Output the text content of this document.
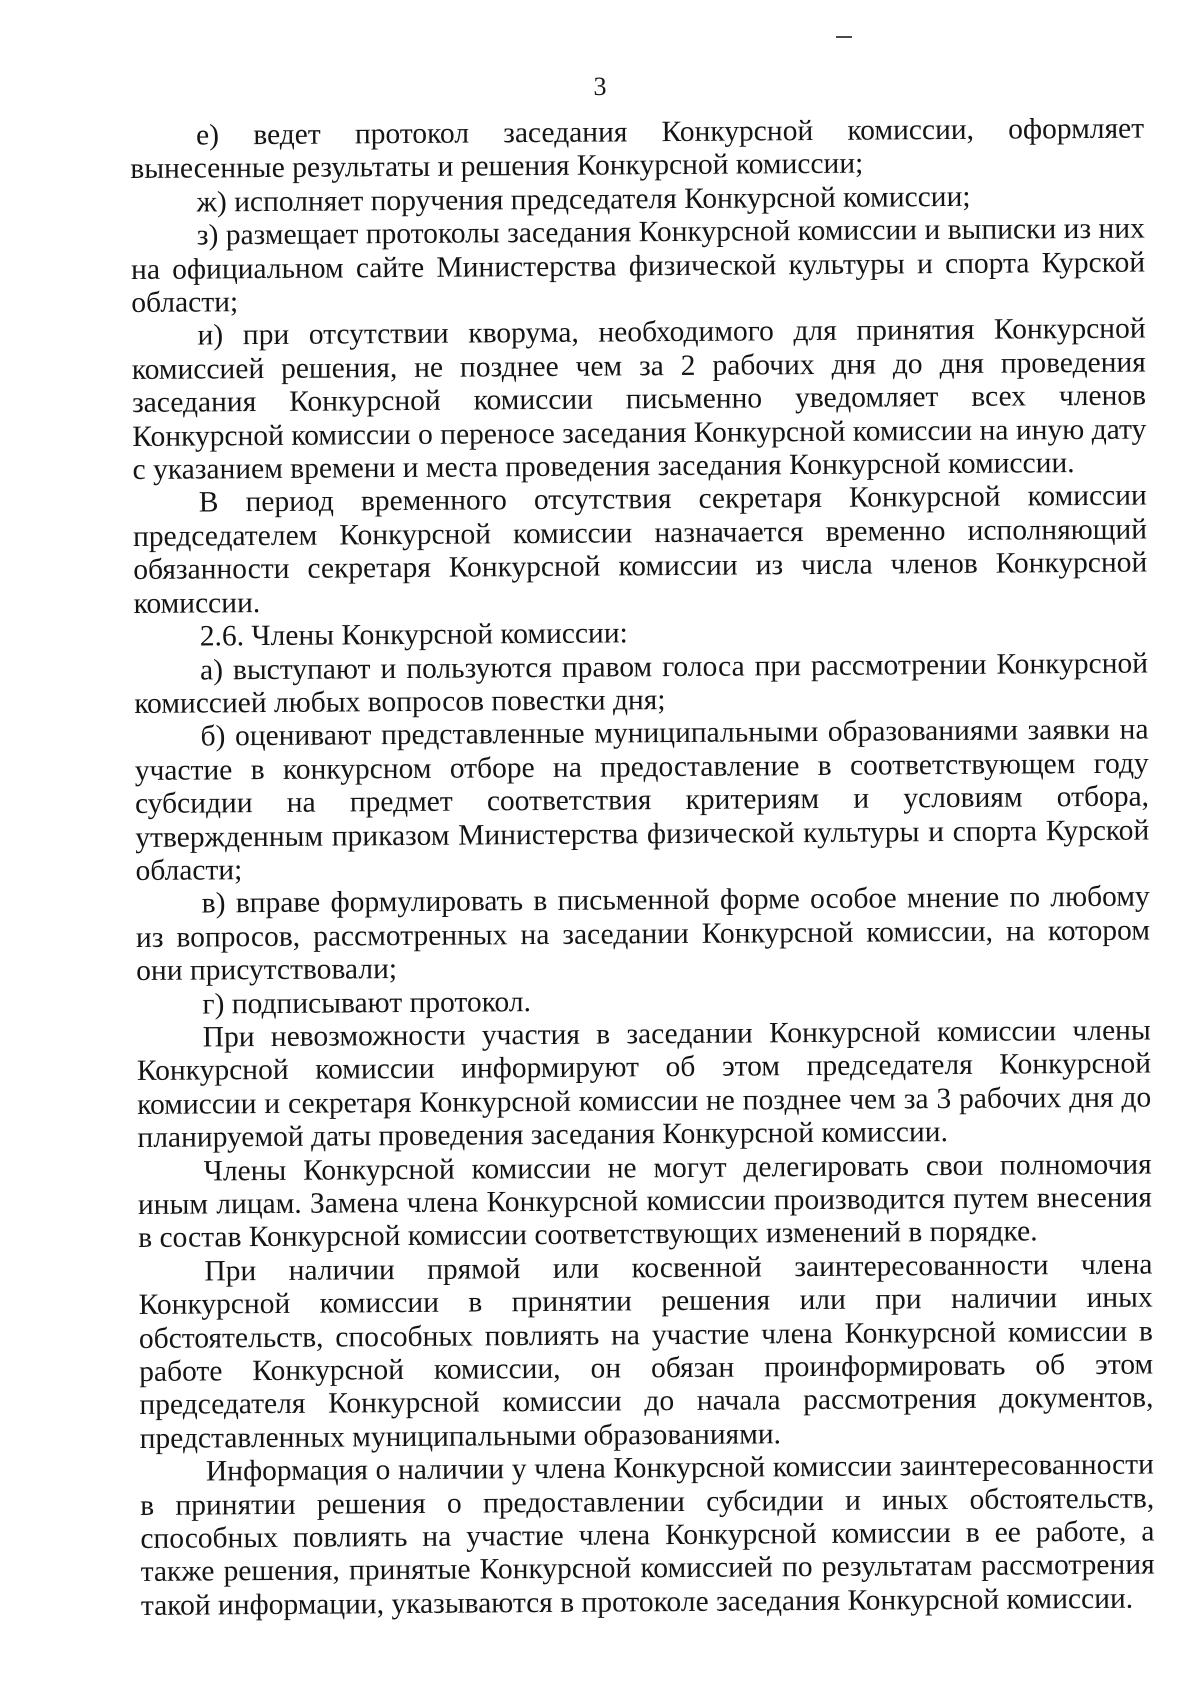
3

е) ведет протокол заседания Конкурсной комиссии, оформляет вынесенные результаты и решения Конкурсной комиссии;

ж) исполняет поручения председателя Конкурсной комиссии;

з) размещает протоколы заседания Конкурсной комиссии и выписки из них на официальном сайте Министерства физической культуры и спорта Курской области;

и) при отсутствии кворума, необходимого для принятия Конкурсной комиссией решения, не позднее чем за 2 рабочих дня до дня проведения заседания Конкурсной комиссии письменно уведомляет всех членов Конкурсной комиссии о переносе заседания Конкурсной комиссии на иную дату с указанием времени и места проведения заседания Конкурсной комиссии.

В период временного отсутствия секретаря Конкурсной комиссии председателем Конкурсной комиссии назначается временно исполняющий обязанности секретаря Конкурсной комиссии из числа членов Конкурсной комиссии.

2.6. Члены Конкурсной комиссии:

а) выступают и пользуются правом голоса при рассмотрении Конкурсной комиссией любых вопросов повестки дня;

б) оценивают представленные муниципальными образованиями заявки на участие в конкурсном отборе на предоставление в соответствующем году субсидии на предмет соответствия критериям и условиям отбора, утвержденным приказом Министерства физической культуры и спорта Курской области;

в) вправе формулировать в письменной форме особое мнение по любому из вопросов, рассмотренных на заседании Конкурсной комиссии, на котором они присутствовали;

г) подписывают протокол.

При невозможности участия в заседании Конкурсной комиссии члены Конкурсной комиссии информируют об этом председателя Конкурсной комиссии и секретаря Конкурсной комиссии не позднее чем за 3 рабочих дня до планируемой даты проведения заседания Конкурсной комиссии.

Члены Конкурсной комиссии не могут делегировать свои полномочия иным лицам. Замена члена Конкурсной комиссии производится путем внесения в состав Конкурсной комиссии соответствующих изменений в порядке.

При наличии прямой или косвенной заинтересованности члена Конкурсной комиссии в принятии решения или при наличии иных обстоятельств, способных повлиять на участие члена Конкурсной комиссии в работе Конкурсной комиссии, он обязан проинформировать об этом председателя Конкурсной комиссии до начала рассмотрения документов, представленных муниципальными образованиями.

Информация о наличии у члена Конкурсной комиссии заинтересованности в принятии решения о предоставлении субсидии и иных обстоятельств, способных повлиять на участие члена Конкурсной комиссии в ее работе, а также решения, принятые Конкурсной комиссией по результатам рассмотрения такой информации, указываются в протоколе заседания Конкурсной комиссии.
